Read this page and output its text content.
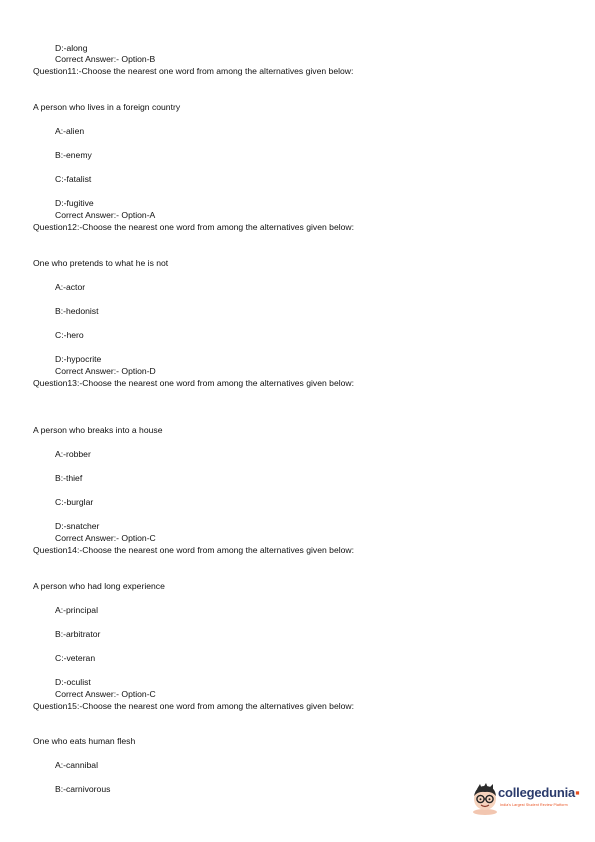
D:-along
Correct Answer:- Option-B
Question11:-Choose the nearest one word from among the alternatives given below:
A person who lives in a foreign country
A:-alien
B:-enemy
C:-fatalist
D:-fugitive
Correct Answer:- Option-A
Question12:-Choose the nearest one word from among the alternatives given below:
One who pretends to what he is not
A:-actor
B:-hedonist
C:-hero
D:-hypocrite
Correct Answer:- Option-D
Question13:-Choose the nearest one word from among the alternatives given below:
A person who breaks into a house
A:-robber
B:-thief
C:-burglar
D:-snatcher
Correct Answer:- Option-C
Question14:-Choose the nearest one word from among the alternatives given below:
A person who had long experience
A:-principal
B:-arbitrator
C:-veteran
D:-oculist
Correct Answer:- Option-C
Question15:-Choose the nearest one word from among the alternatives given below:
One who eats human flesh
A:-cannibal
B:-carnivorous	collegedunia▪
India's Largest Student Review Platform
